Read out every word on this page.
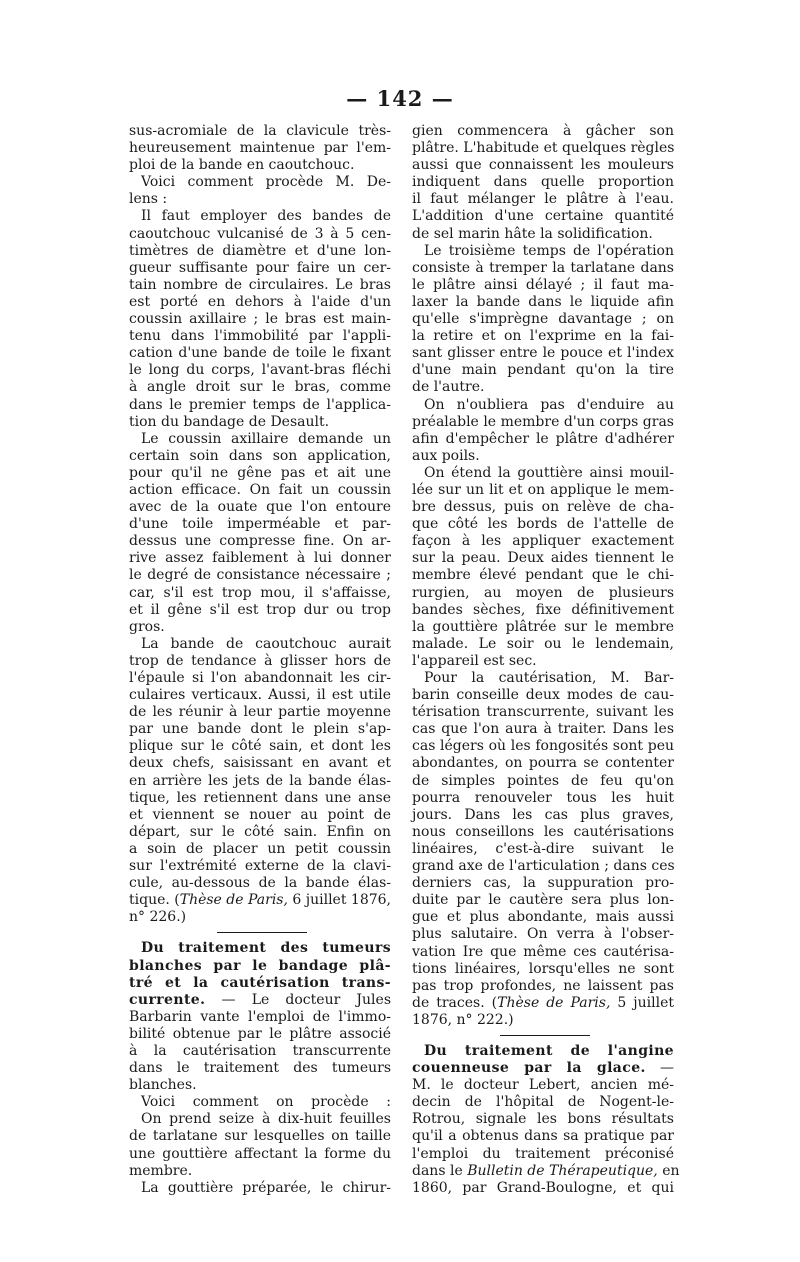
— 142 —
sus-acromiale de la clavicule très-
heureusement maintenue par l'em-
ploi de la bande en caoutchouc.
Voici comment procède M. De-
lens :
Il faut employer des bandes de
caoutchouc vulcanisé de 3 à 5 cen-
timètres de diamètre et d'une lon-
gueur suffisante pour faire un cer-
tain nombre de circulaires. Le bras
est porté en dehors à l'aide d'un
coussin axillaire ; le bras est main-
tenu dans l'immobilité par l'appli-
cation d'une bande de toile le fixant
le long du corps, l'avant-bras fléchi
à angle droit sur le bras, comme
dans le premier temps de l'applica-
tion du bandage de Desault.
Le coussin axillaire demande un
certain soin dans son application,
pour qu'il ne gêne pas et ait une
action efficace. On fait un coussin
avec de la ouate que l'on entoure
d'une toile imperméable et par-
dessus une compresse fine. On ar-
rive assez faiblement à lui donner
le degré de consistance nécessaire ;
car, s'il est trop mou, il s'affaisse,
et il gêne s'il est trop dur ou trop
gros.
La bande de caoutchouc aurait
trop de tendance à glisser hors de
l'épaule si l'on abandonnait les cir-
culaires verticaux. Aussi, il est utile
de les réunir à leur partie moyenne
par une bande dont le plein s'ap-
plique sur le côté sain, et dont les
deux chefs, saisissant en avant et
en arrière les jets de la bande élas-
tique, les retiennent dans une anse
et viennent se nouer au point de
départ, sur le côté sain. Enfin on
a soin de placer un petit coussin
sur l'extrémité externe de la clavi-
cule, au-dessous de la bande élas-
tique. (Thèse de Paris, 6 juillet 1876,
n° 226.)
Du traitement des tumeurs
blanches par le bandage plâ-
tré et la cautérisation trans-
currente. — Le docteur Jules
Barbarin vante l'emploi de l'immo-
bilité obtenue par le plâtre associé
à la cautérisation transcurrente
dans le traitement des tumeurs
blanches.
Voici comment on procède :
On prend seize à dix-huit feuilles
de tarlatane sur lesquelles on taille
une gouttière affectant la forme du
membre.
La gouttière préparée, le chirur-
gien commencera à gâcher son
plâtre. L'habitude et quelques règles
aussi que connaissent les mouleurs
indiquent dans quelle proportion
il faut mélanger le plâtre à l'eau.
L'addition d'une certaine quantité
de sel marin hâte la solidification.
Le troisième temps de l'opération
consiste à tremper la tarlatane dans
le plâtre ainsi délayé ; il faut ma-
laxer la bande dans le liquide afin
qu'elle s'imprègne davantage ; on
la retire et on l'exprime en la fai-
sant glisser entre le pouce et l'index
d'une main pendant qu'on la tire
de l'autre.
On n'oubliera pas d'enduire au
préalable le membre d'un corps gras
afin d'empêcher le plâtre d'adhérer
aux poils.
On étend la gouttière ainsi mouil-
lée sur un lit et on applique le mem-
bre dessus, puis on relève de cha-
que côté les bords de l'attelle de
façon à les appliquer exactement
sur la peau. Deux aides tiennent le
membre élevé pendant que le chi-
rurgien, au moyen de plusieurs
bandes sèches, fixe définitivement
la gouttière plâtrée sur le membre
malade. Le soir ou le lendemain,
l'appareil est sec.
Pour la cautérisation, M. Bar-
barin conseille deux modes de cau-
térisation transcurrente, suivant les
cas que l'on aura à traiter. Dans les
cas légers où les fongosités sont peu
abondantes, on pourra se contenter
de simples pointes de feu qu'on
pourra renouveler tous les huit
jours. Dans les cas plus graves,
nous conseillons les cautérisations
linéaires, c'est-à-dire suivant le
grand axe de l'articulation ; dans ces
derniers cas, la suppuration pro-
duite par le cautère sera plus lon-
gue et plus abondante, mais aussi
plus salutaire. On verra à l'obser-
vation Ire que même ces cautérisa-
tions linéaires, lorsqu'elles ne sont
pas trop profondes, ne laissent pas
de traces. (Thèse de Paris, 5 juillet
1876, n° 222.)
Du traitement de l'angine
couenneuse par la glace. —
M. le docteur Lebert, ancien mé-
decin de l'hôpital de Nogent-le-
Rotrou, signale les bons résultats
qu'il a obtenus dans sa pratique par
l'emploi du traitement préconisé
dans le Bulletin de Thérapeutique, en
1860, par Grand-Boulogne, et qui
